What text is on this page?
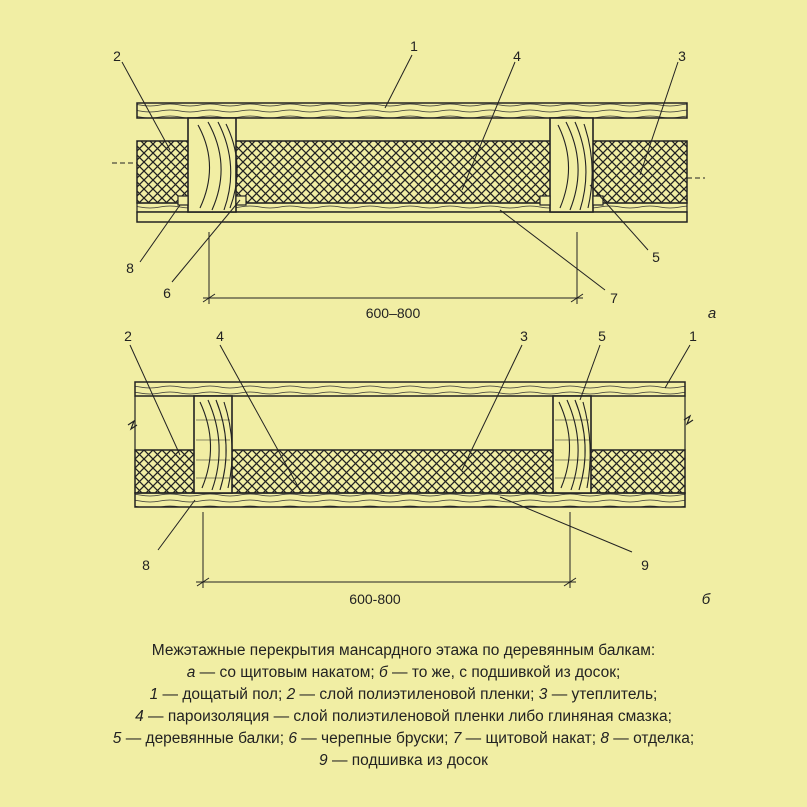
600–800	а
1
2	3
4
5
6	7
8
600-800	б
1
2	3
4	5
8	9
Межэтажные перекрытия мансардного этажа по деревянным балкам:
а — со щитовым накатом; б — то же, с подшивкой из досок;
1 — дощатый пол; 2 — слой полиэтиленовой пленки; 3 — утеплитель;
4 — пароизоляция — слой полиэтиленовой пленки либо глиняная смазка;
5 — деревянные балки; 6 — черепные бруски; 7 — щитовой накат; 8 — отделка;
9 — подшивка из досок
